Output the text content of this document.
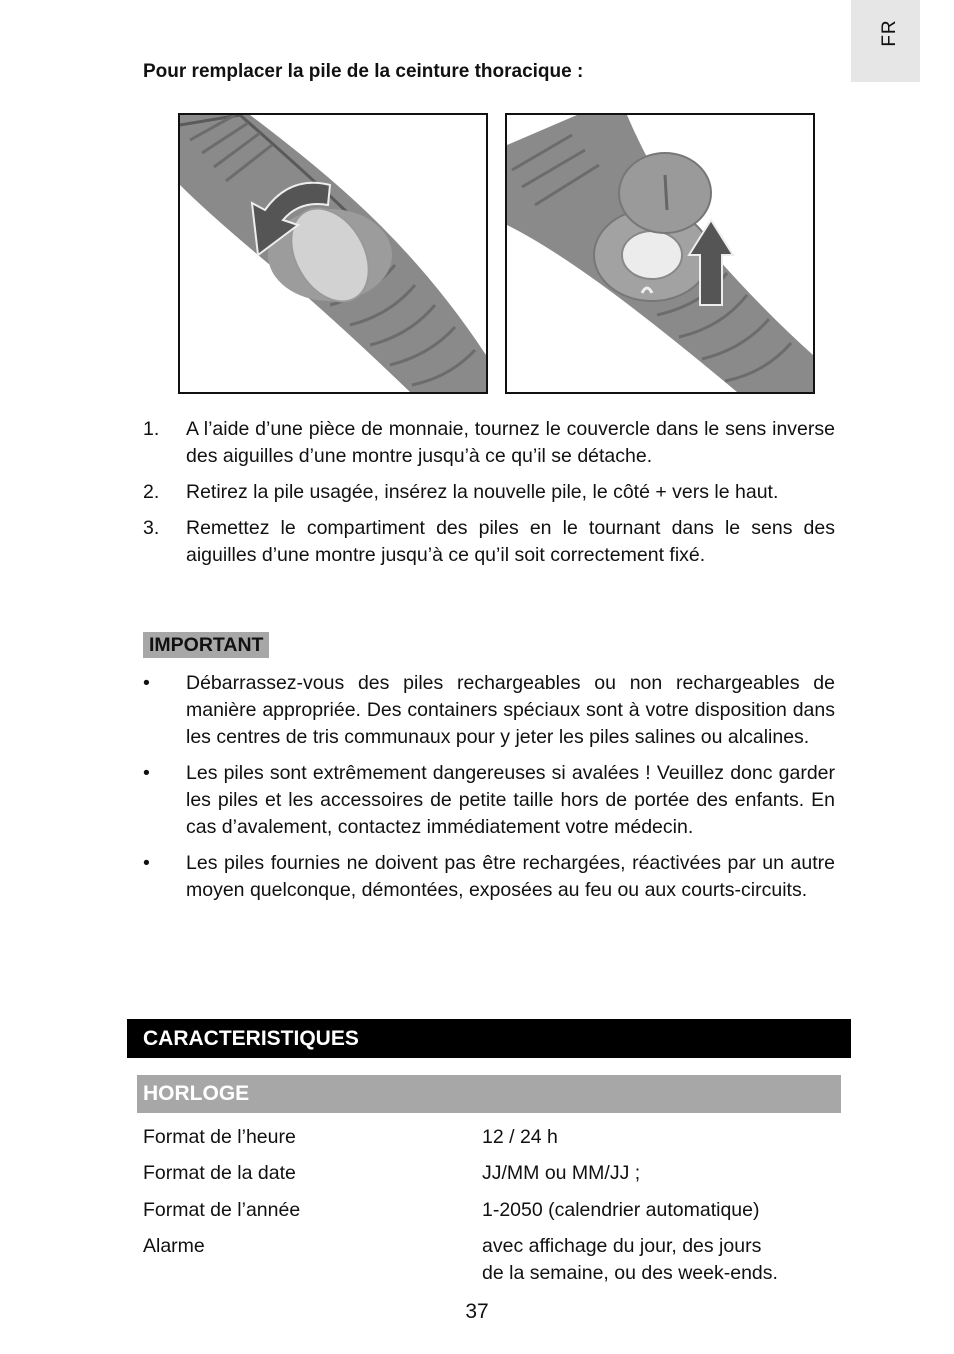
FR
Pour remplacer la pile de la ceinture thoracique :
1. A l’aide d’une pièce de monnaie, tournez le couvercle dans le sens inverse des aiguilles d’une montre jusqu’à ce qu’il se détache.
2. Retirez la pile usagée, insérez la nouvelle pile, le côté + vers le haut.
3. Remettez le compartiment des piles en le tournant dans le sens des aiguilles d’une montre jusqu’à ce qu’il soit correctement fixé.
IMPORTANT
• Débarrassez-vous des piles rechargeables ou non rechargeables de manière appropriée. Des containers spéciaux sont à votre disposition dans les centres de tris communaux pour y jeter les piles salines ou alcalines.
• Les piles sont extrêmement dangereuses si avalées ! Veuillez donc garder les piles et les accessoires de petite taille hors de portée des enfants. En cas d’avalement, contactez immédiatement votre médecin.
• Les piles fournies ne doivent pas être rechargées, réactivées par un autre moyen quelconque, démontées, exposées au feu ou aux courts-circuits.
CARACTERISTIQUES
HORLOGE
Format de l’heure	12 / 24 h
Format de la date	JJ/MM ou MM/JJ ;
Format de l’année	1-2050 (calendrier automatique)
Alarme	avec affichage du jour, des jours
de la semaine, ou des week-ends.
37
